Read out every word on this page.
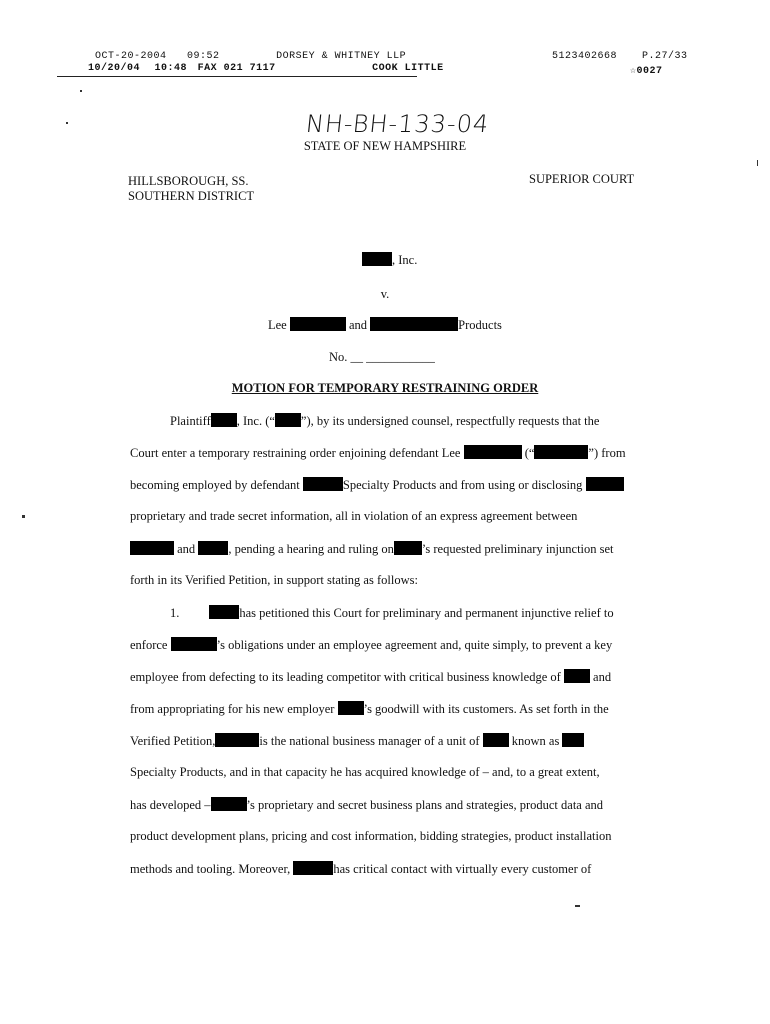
OCT-20-2004 09:52	DORSEY & WHITNEY LLP	5123402668 P.27/33
10/20/04 10:48 FAX 021 7117	COOK LITTLE	☆0027
NH-BH-133-04
STATE OF NEW HAMPSHIRE
HILLSBOROUGH, SS.
SOUTHERN DISTRICT
SUPERIOR COURT
, Inc.
v.
Lee	and	Products
No. __ ___________
MOTION FOR TEMPORARY RESTRAINING ORDER
Plaintiff , Inc. (“ ”), by its undersigned counsel, respectfully requests that the
Court enter a temporary restraining order enjoining defendant Lee	(“	”) from
becoming employed by defendant	Specialty Products and from using or disclosing
proprietary and trade secret information, all in violation of an express agreement between
and	, pending a hearing and ruling on ’s requested preliminary injunction set
forth in its Verified Petition, in support stating as follows:
1.	has petitioned this Court for preliminary and permanent injunctive relief to
enforce	’s obligations under an employee agreement and, quite simply, to prevent a key
employee from defecting to its leading competitor with critical business knowledge of	and
from appropriating for his new employer ’s goodwill with its customers. As set forth in the
Verified Petition,	is the national business manager of a unit of	known as
Specialty Products, and in that capacity he has acquired knowledge of – and, to a great extent,
has developed –	’s proprietary and secret business plans and strategies, product data and
product development plans, pricing and cost information, bidding strategies, product installation
methods and tooling. Moreover,	has critical contact with virtually every customer of
